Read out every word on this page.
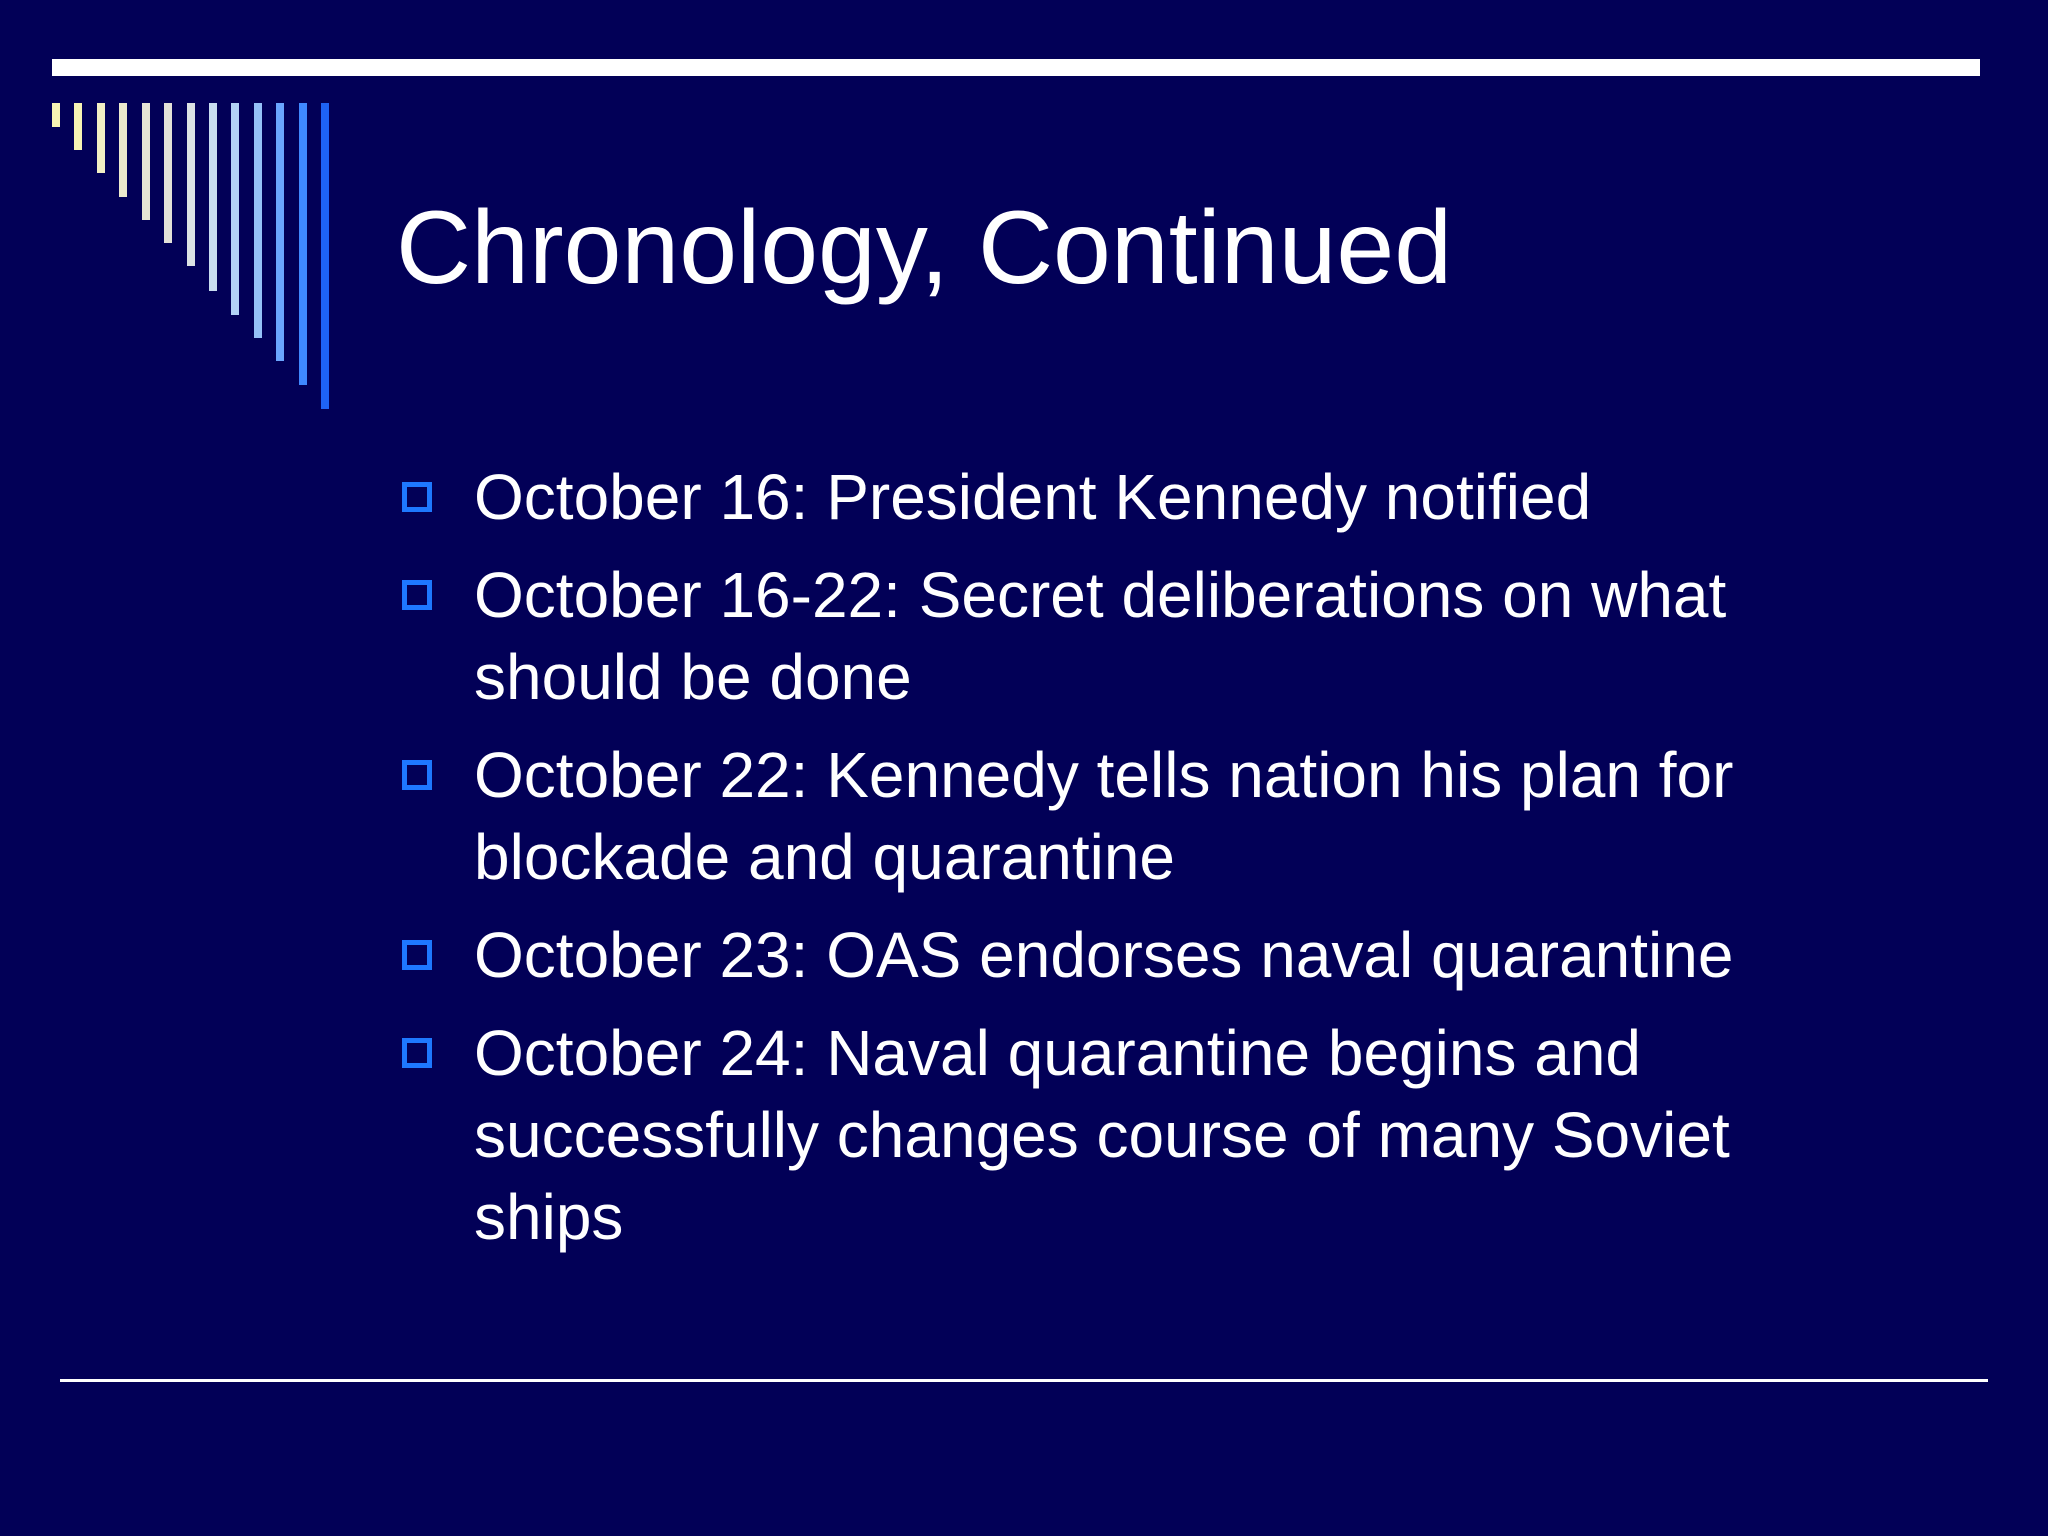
Chronology, Continued
October 16: President Kennedy notified
October 16-22: Secret deliberations on what should be done
October 22: Kennedy tells nation his plan for blockade and quarantine
October 23: OAS endorses naval quarantine
October 24: Naval quarantine begins and successfully changes course of many Soviet ships
